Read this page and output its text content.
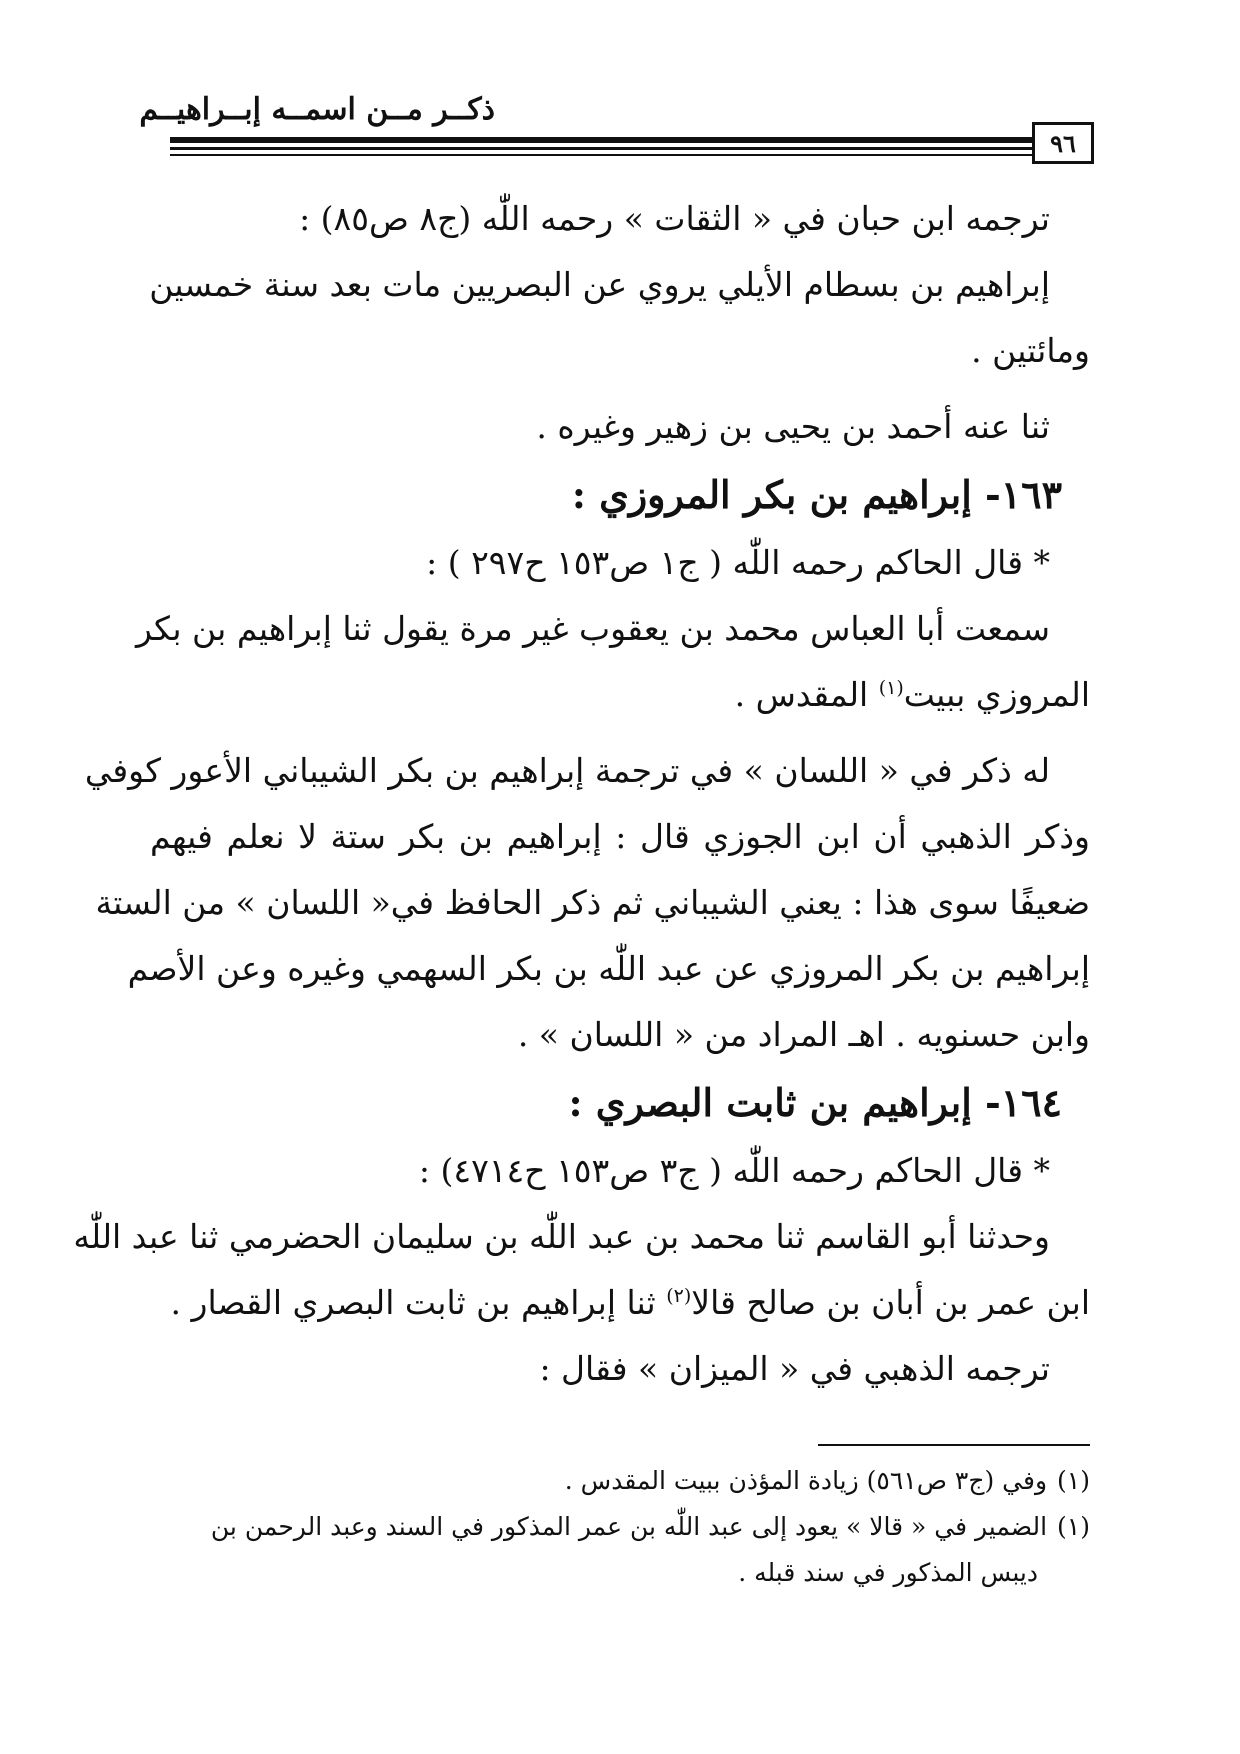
ذكــر مــن اسمــه إبــراهيــم
٩٦
ترجمه ابن حبان في « الثقات » رحمه اللّٰه (ج٨ ص٨٥) :
إبراهيم بن بسطام الأيلي يروي عن البصريين مات بعد سنة خمسين
ومائتين .
ثنا عنه أحمد بن يحيى بن زهير وغيره .
١٦٣- إبراهيم بن بكر المروزي :
* قال الحاكم رحمه اللّٰه ( ج١ ص١٥٣ ح٢٩٧ ) :
سمعت أبا العباس محمد بن يعقوب غير مرة يقول ثنا إبراهيم بن بكر
المروزي ببيت$^{(١)}$ المقدس .
له ذكر في « اللسان » في ترجمة إبراهيم بن بكر الشيباني الأعور كوفي
وذكر الذهبي أن ابن الجوزي قال : إبراهيم بن بكر ستة لا نعلم فيهم
ضعيفًا سوى هذا : يعني الشيباني ثم ذكر الحافظ في« اللسان » من الستة
إبراهيم بن بكر المروزي عن عبد اللّٰه بن بكر السهمي وغيره وعن الأصم
وابن حسنويه . اهـ المراد من « اللسان » .
١٦٤- إبراهيم بن ثابت البصري :
* قال الحاكم رحمه اللّٰه ( ج٣ ص١٥٣ ح٤٧١٤) :
وحدثنا أبو القاسم ثنا محمد بن عبد اللّٰه بن سليمان الحضرمي ثنا عبد اللّٰه
ابن عمر بن أبان بن صالح قالا$^{(٢)}$ ثنا إبراهيم بن ثابت البصري القصار .
ترجمه الذهبي في « الميزان » فقال :
(١)وفي (ج٣ ص٥٦١) زيادة المؤذن ببيت المقدس .
(١)الضمير في « قالا » يعود إلى عبد اللّٰه بن عمر المذكور في السند وعبد الرحمن بن
ديبس المذكور في سند قبله .
